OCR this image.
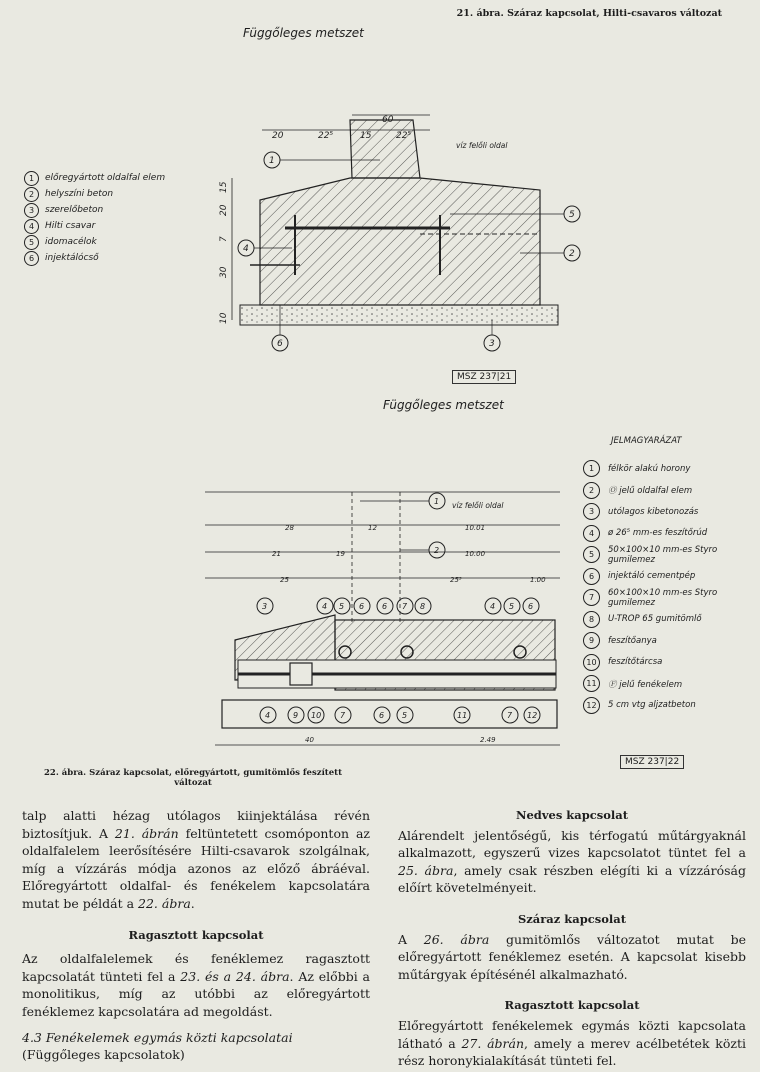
21. ábra. Száraz kapcsolat, Hilti-csavaros változat
Függőleges metszet
1	előregyártott oldalfal elem
2	helyszíni beton
3	szerelőbeton
4	Hilti csavar
5	idomacélok
6	injektálócső
20	22⁵	15	22⁵
60
20
15
7
30
10
víz felőli oldal
1
5
2
4
6	3
MSZ 237|21
Függőleges metszet
28	12	10.01
21	19	10.00
25	25⁵	1.00
40	2.49
víz felőli oldal
1
2
3	4 5 6 6 7 8	4 5 6
4	9 10 7	6 5	11	7 12
JELMAGYARÁZAT
1	félkör alakú horony
2	Ⓞ jelű oldalfal elem
3	utólagos kibetonozás
4	ø 26⁵ mm-es feszítőrúd
5	50×100×10 mm-es Styro gumilemez
6	injektáló cementpép
7	60×100×10 mm-es Styro gumilemez
8	U-TROP 65 gumitömlő
9	feszítőanya
10	feszítőtárcsa
11	Ⓕ jelű fenékelem
12	5 cm vtg aljzatbeton
MSZ 237|22
22. ábra. Száraz kapcsolat, előregyártott, gumitömlős feszített változat

talp alatti hézag utólagos kiinjektálása révén biztosítjuk. A 21. ábrán feltüntetett csomóponton az oldalfalelem leerősítésére Hilti-csavarok szolgálnak, míg a vízzárás módja azonos az előző ábráéval. Előregyártott oldalfal- és fenékelem kapcsolatára mutat be példát a 22. ábra.

Ragasztott kapcsolat

Az oldalfalelemek és fenéklemez ragasztott kapcsolatát tünteti fel a 23. és a 24. ábra. Az előbbi a monolitikus, míg az utóbbi az előregyártott fenéklemez kapcsolatára ad megoldást.

4.3 Fenékelemek egymás közti kapcsolatai

(Függőleges kapcsolatok)

Nedves kapcsolat

Alárendelt jelentőségű, kis térfogatú műtárgyaknál alkalmazott, egyszerű vizes kapcsolatot tüntet fel a 25. ábra, amely csak részben elégíti ki a vízzáróság előírt követelményeit.

Száraz kapcsolat

A 26. ábra gumitömlős változatot mutat be előregyártott fenéklemez esetén. A kapcsolat kisebb műtárgyak építésénél alkalmazható.

Ragasztott kapcsolat

Előregyártott fenékelemek egymás közti kapcsolata látható a 27. ábrán, amely a merev acélbetétek közti rész horonykialakítását tünteti fel.
